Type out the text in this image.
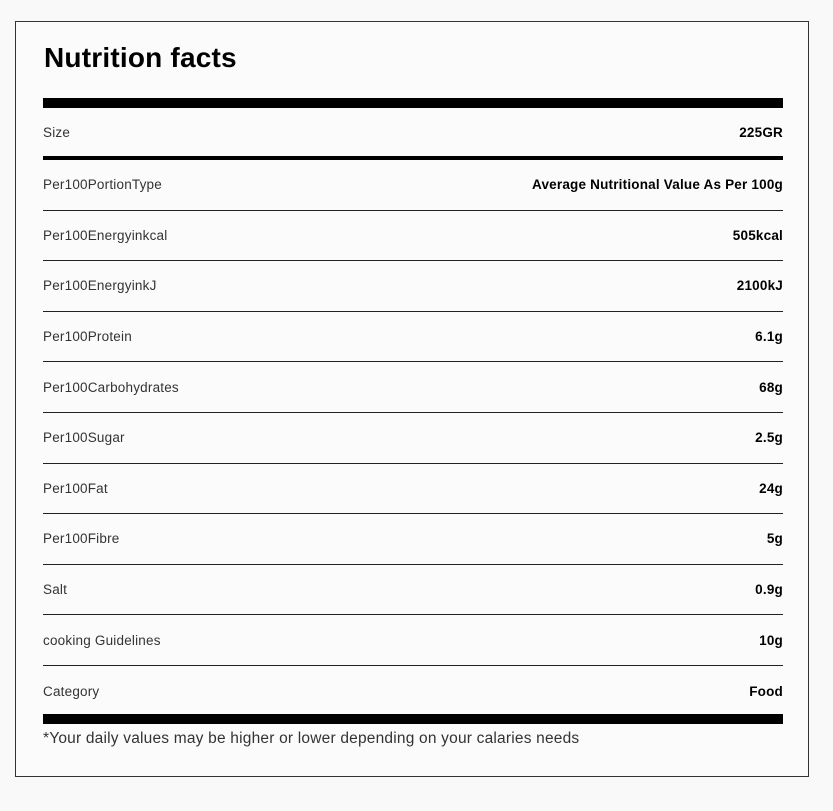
Nutrition facts
Size	225GR
Per100PortionType	Average Nutritional Value As Per 100g
Per100Energyinkcal	505kcal
Per100EnergyinkJ	2100kJ
Per100Protein	6.1g
Per100Carbohydrates	68g
Per100Sugar	2.5g
Per100Fat	24g
Per100Fibre	5g
Salt	0.9g
cooking Guidelines	10g
Category	Food
*Your daily values may be higher or lower depending on your calaries needs
